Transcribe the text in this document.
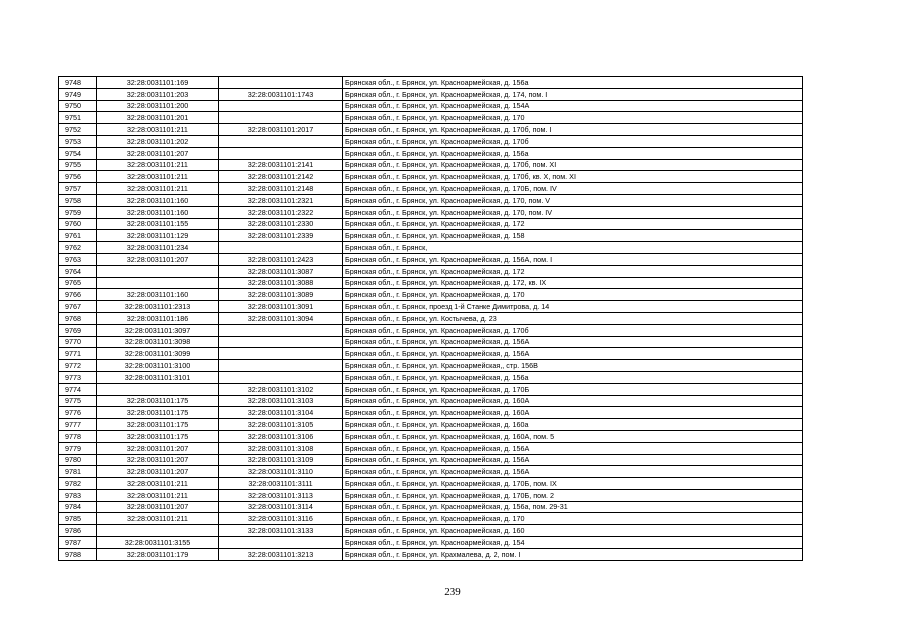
9748	32:28:0031101:169		Брянская обл., г. Брянск, ул. Красноармейская, д. 156а
9749	32:28:0031101:203	32:28:0031101:1743	Брянская обл., г. Брянск, ул. Красноармейская, д. 174, пом. I
9750	32:28:0031101:200		Брянская обл., г. Брянск, ул. Красноармейская, д. 154А
9751	32:28:0031101:201		Брянская обл., г. Брянск, ул. Красноармейская, д. 170
9752	32:28:0031101:211	32:28:0031101:2017	Брянская обл., г. Брянск, ул. Красноармейская, д. 170б, пом. I
9753	32:28:0031101:202		Брянская обл., г. Брянск, ул. Красноармейская, д. 170б
9754	32:28:0031101:207		Брянская обл., г. Брянск, ул. Красноармейская, д. 156а
9755	32:28:0031101:211	32:28:0031101:2141	Брянская обл., г. Брянск, ул. Красноармейская, д. 170б, пом. XI
9756	32:28:0031101:211	32:28:0031101:2142	Брянская обл., г. Брянск, ул. Красноармейская, д. 170б, кв. X, пом. XI
9757	32:28:0031101:211	32:28:0031101:2148	Брянская обл., г. Брянск, ул. Красноармейская, д. 170Б, пом. IV
9758	32:28:0031101:160	32:28:0031101:2321	Брянская обл., г. Брянск, ул. Красноармейская, д. 170, пом. V
9759	32:28:0031101:160	32:28:0031101:2322	Брянская обл., г. Брянск, ул. Красноармейская, д. 170, пом. IV
9760	32:28:0031101:155	32:28:0031101:2330	Брянская обл., г. Брянск, ул. Красноармейская, д. 172
9761	32:28:0031101:129	32:28:0031101:2339	Брянская обл., г. Брянск, ул. Красноармейская, д. 158
9762	32:28:0031101:234		Брянская обл., г. Брянск,
9763	32:28:0031101:207	32:28:0031101:2423	Брянская обл., г. Брянск, ул. Красноармейская, д. 156А, пом. I
9764		32:28:0031101:3087	Брянская обл., г. Брянск, ул. Красноармейская, д. 172
9765		32:28:0031101:3088	Брянская обл., г. Брянск, ул. Красноармейская, д. 172, кв. IX
9766	32:28:0031101:160	32:28:0031101:3089	Брянская обл., г. Брянск, ул. Красноармейская, д. 170
9767	32:28:0031101:2313	32:28:0031101:3091	Брянская обл., г. Брянск, проезд 1-й Станке Димитрова, д. 14
9768	32:28:0031101:186	32:28:0031101:3094	Брянская обл., г. Брянск, ул. Костычева, д. 23
9769	32:28:0031101:3097		Брянская обл., г. Брянск, ул. Красноармейская, д. 170б
9770	32:28:0031101:3098		Брянская обл., г. Брянск, ул. Красноармейская, д. 156А
9771	32:28:0031101:3099		Брянская обл., г. Брянск, ул. Красноармейская, д. 156А
9772	32:28:0031101:3100		Брянская обл., г. Брянск, ул. Красноармейская,, стр. 156В
9773	32:28:0031101:3101		Брянская обл., г. Брянск, ул. Красноармейская, д. 156а
9774		32:28:0031101:3102	Брянская обл., г. Брянск, ул. Красноармейская, д. 170Б
9775	32:28:0031101:175	32:28:0031101:3103	Брянская обл., г. Брянск, ул. Красноармейская, д. 160А
9776	32:28:0031101:175	32:28:0031101:3104	Брянская обл., г. Брянск, ул. Красноармейская, д. 160А
9777	32:28:0031101:175	32:28:0031101:3105	Брянская обл., г. Брянск, ул. Красноармейская, д. 160а
9778	32:28:0031101:175	32:28:0031101:3106	Брянская обл., г. Брянск, ул. Красноармейская, д. 160А, пом. 5
9779	32:28:0031101:207	32:28:0031101:3108	Брянская обл., г. Брянск, ул. Красноармейская, д. 156А
9780	32:28:0031101:207	32:28:0031101:3109	Брянская обл., г. Брянск, ул. Красноармейская, д. 156А
9781	32:28:0031101:207	32:28:0031101:3110	Брянская обл., г. Брянск, ул. Красноармейская, д. 156А
9782	32:28:0031101:211	32:28:0031101:3111	Брянская обл., г. Брянск, ул. Красноармейская, д. 170Б, пом. IX
9783	32:28:0031101:211	32:28:0031101:3113	Брянская обл., г. Брянск, ул. Красноармейская, д. 170Б, пом. 2
9784	32:28:0031101:207	32:28:0031101:3114	Брянская обл., г. Брянск, ул. Красноармейская, д. 156а, пом. 29-31
9785	32:28:0031101:211	32:28:0031101:3116	Брянская обл., г. Брянск, ул. Красноармейская, д. 170
9786		32:28:0031101:3133	Брянская обл., г. Брянск, ул. Красноармейская, д. 160
9787	32:28:0031101:3155		Брянская обл., г. Брянск, ул. Красноармейская, д. 154
9788	32:28:0031101:179	32:28:0031101:3213	Брянская обл., г. Брянск, ул. Крахмалева, д. 2, пом. I
239
